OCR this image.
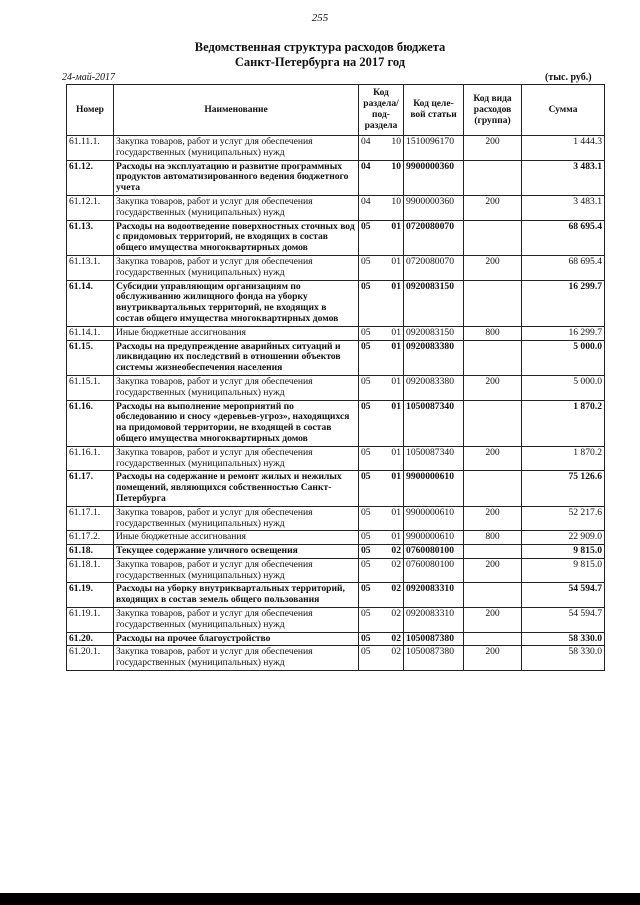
255
Ведомственная структура расходов бюджета
Санкт-Петербурга на 2017 год
24-май-2017	(тыс. руб.)
Номер	Наименование	Код раздела/ под-раздела		Код целе-вой статьи	Код вида расходов (группа)	Сумма
61.11.1.	Закупка товаров, работ и услуг для обеспечения государственных (муниципальных) нужд	04	10	1510096170	200	1 444.3
61.12.	Расходы на эксплуатацию и развитие программных продуктов автоматизированного ведения бюджетного учета	04	10	9900000360		3 483.1
61.12.1.	Закупка товаров, работ и услуг для обеспечения государственных (муниципальных) нужд	04	10	9900000360	200	3 483.1
61.13.	Расходы на водоотведение поверхностных сточных вод с придомовых территорий, не входящих в состав общего имущества многоквартирных домов	05	01	0720080070		68 695.4
61.13.1.	Закупка товаров, работ и услуг для обеспечения государственных (муниципальных) нужд	05	01	0720080070	200	68 695.4
61.14.	Субсидии управляющим организациям по обслуживанию жилищного фонда на уборку внутриквартальных территорий, не входящих в состав общего имущества многоквартирных домов	05	01	0920083150		16 299.7
61.14.1.	Иные бюджетные ассигнования	05	01	0920083150	800	16 299.7
61.15.	Расходы на предупреждение аварийных ситуаций и ликвидацию их последствий в отношении объектов системы жизнеобеспечения населения	05	01	0920083380		5 000.0
61.15.1.	Закупка товаров, работ и услуг для обеспечения государственных (муниципальных) нужд	05	01	0920083380	200	5 000.0
61.16.	Расходы на выполнение мероприятий по обследованию и сносу «деревьев-угроз», находящихся на придомовой территории, не входящей в состав общего имущества многоквартирных домов	05	01	1050087340		1 870.2
61.16.1.	Закупка товаров, работ и услуг для обеспечения государственных (муниципальных) нужд	05	01	1050087340	200	1 870.2
61.17.	Расходы на содержание и ремонт жилых и нежилых помещений, являющихся собственностью Санкт-Петербурга	05	01	9900000610		75 126.6
61.17.1.	Закупка товаров, работ и услуг для обеспечения государственных (муниципальных) нужд	05	01	9900000610	200	52 217.6
61.17.2.	Иные бюджетные ассигнования	05	01	9900000610	800	22 909.0
61.18.	Текущее содержание уличного освещения	05	02	0760080100		9 815.0
61.18.1.	Закупка товаров, работ и услуг для обеспечения государственных (муниципальных) нужд	05	02	0760080100	200	9 815.0
61.19.	Расходы на уборку внутриквартальных территорий, входящих в состав земель общего пользования	05	02	0920083310		54 594.7
61.19.1.	Закупка товаров, работ и услуг для обеспечения государственных (муниципальных) нужд	05	02	0920083310	200	54 594.7
61.20.	Расходы на прочее благоустройство	05	02	1050087380		58 330.0
61.20.1.	Закупка товаров, работ и услуг для обеспечения государственных (муниципальных) нужд	05	02	1050087380	200	58 330.0
